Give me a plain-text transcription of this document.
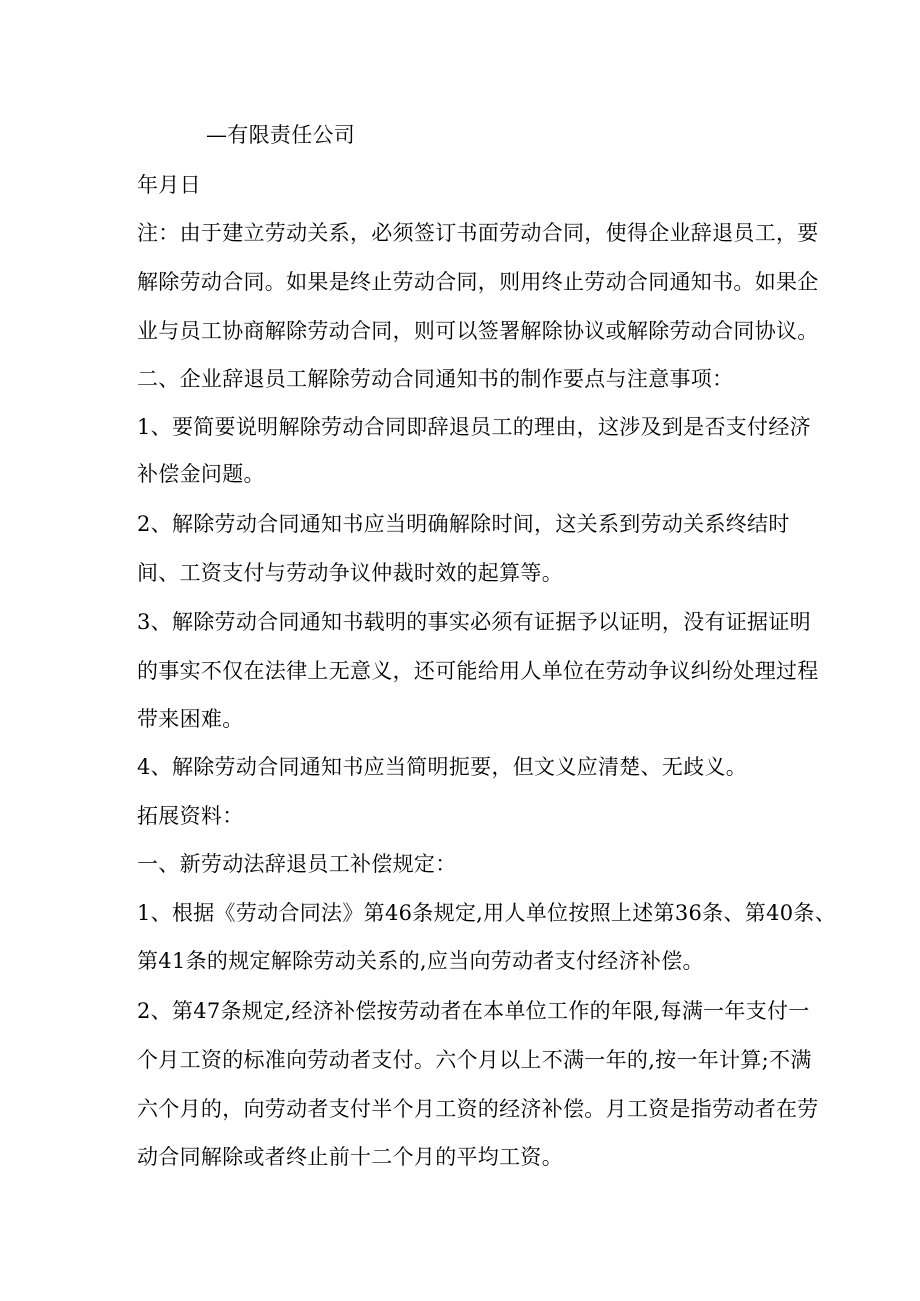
—有限责任公司
年月日
注：由于建立劳动关系，必须签订书面劳动合同，使得企业辞退员工，要
解除劳动合同。如果是终止劳动合同，则用终止劳动合同通知书。如果企
业与员工协商解除劳动合同，则可以签署解除协议或解除劳动合同协议。
二、企业辞退员工解除劳动合同通知书的制作要点与注意事项：
1、要简要说明解除劳动合同即辞退员工的理由，这涉及到是否支付经济
补偿金问题。
2、解除劳动合同通知书应当明确解除时间，这关系到劳动关系终结时
间、工资支付与劳动争议仲裁时效的起算等。
3、解除劳动合同通知书载明的事实必须有证据予以证明，没有证据证明
的事实不仅在法律上无意义，还可能给用人单位在劳动争议纠纷处理过程
带来困难。
4、解除劳动合同通知书应当简明扼要，但文义应清楚、无歧义。
拓展资料：
一、新劳动法辞退员工补偿规定：
1、根据《劳动合同法》第46条规定,用人单位按照上述第36条、第40条、
第41条的规定解除劳动关系的,应当向劳动者支付经济补偿。
2、第47条规定,经济补偿按劳动者在本单位工作的年限,每满一年支付一
个月工资的标准向劳动者支付。六个月以上不满一年的,按一年计算;不满
六个月的，向劳动者支付半个月工资的经济补偿。月工资是指劳动者在劳
动合同解除或者终止前十二个月的平均工资。
